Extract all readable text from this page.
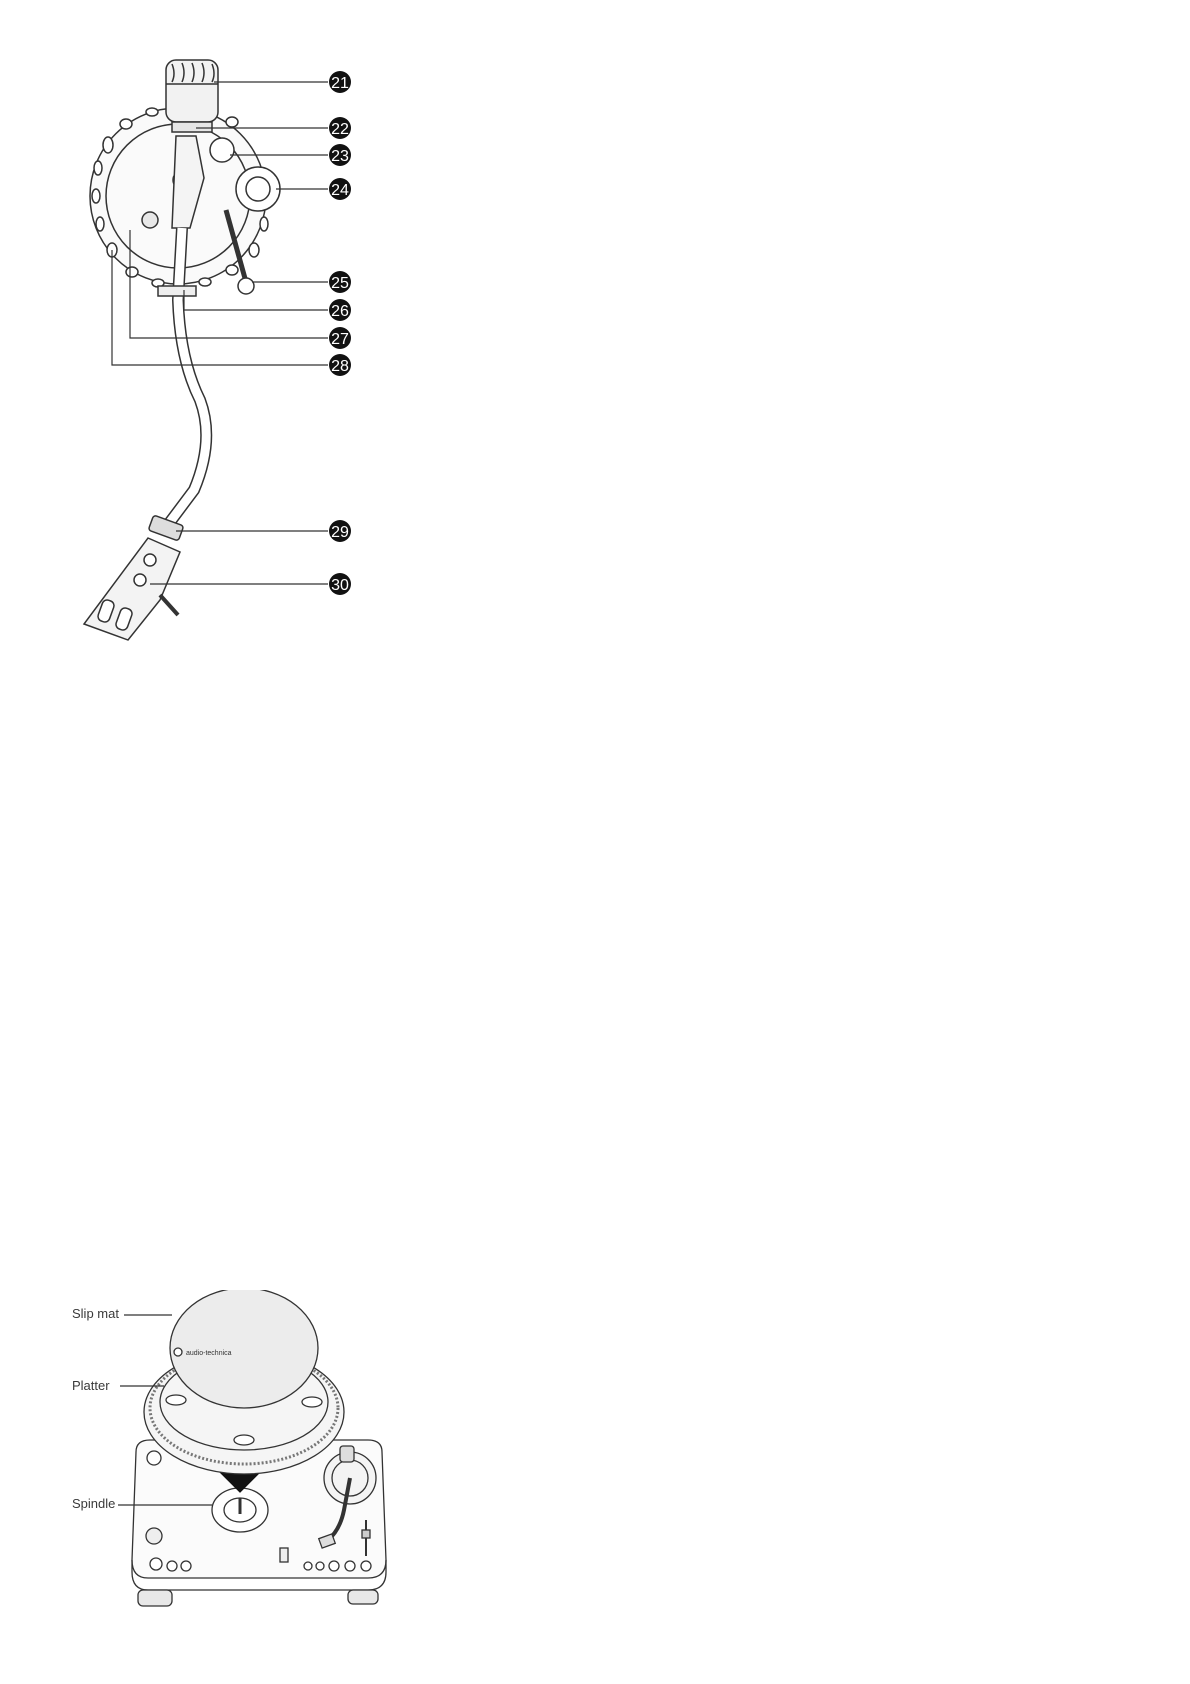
21
22
23
24
25
26
27
28
29
30
Slip mat
Platter
Spindle
audio-technica
